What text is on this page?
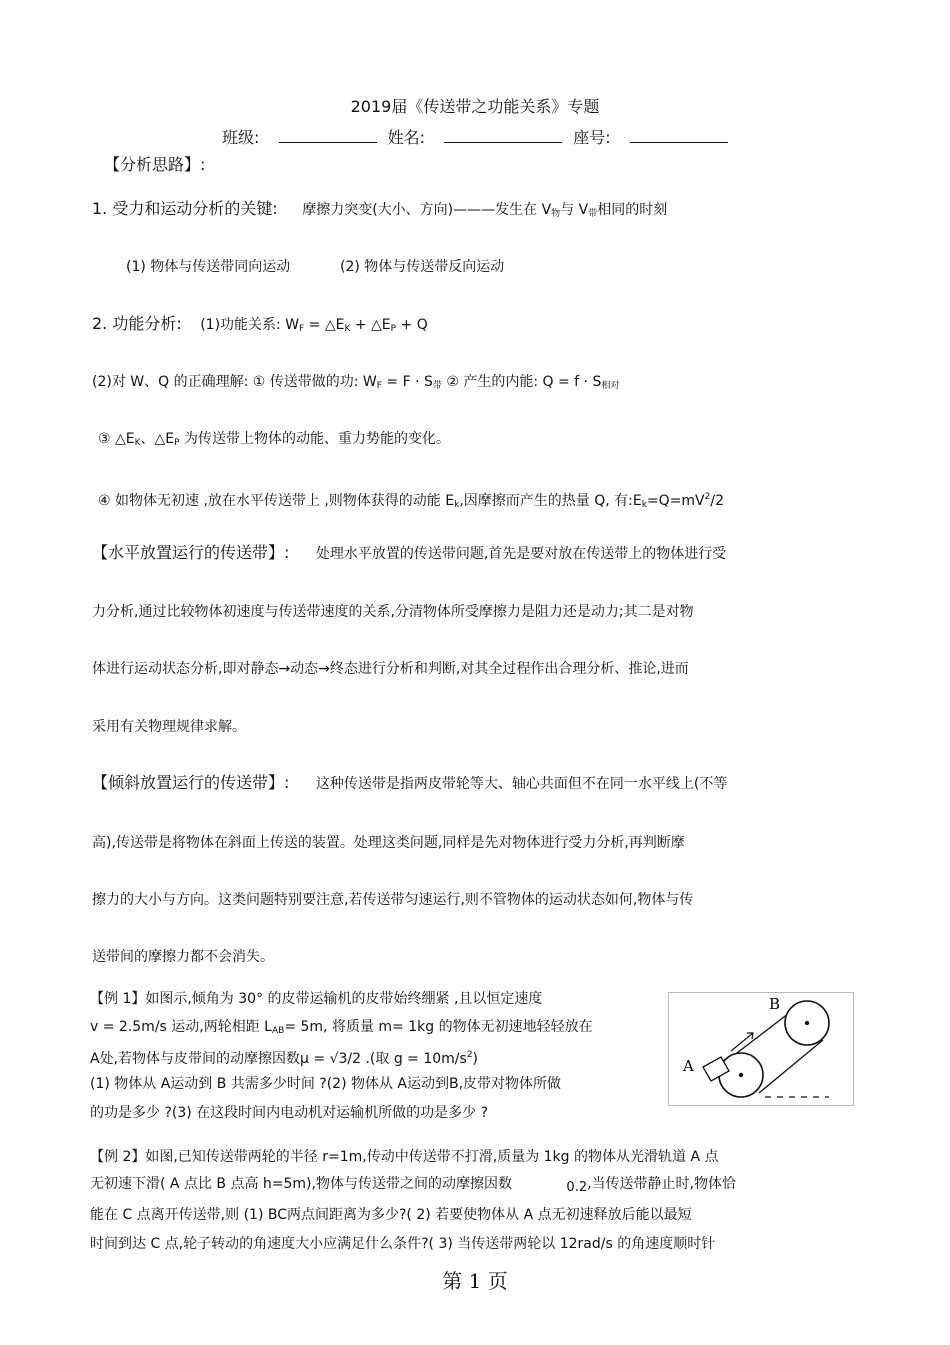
2019届《传送带之功能关系》专题
班级:	姓名:	座号:
【分析思路】:
1. 受力和运动分析的关键: 摩擦力突变(大小、方向)———发生在 $V_物$与 $V_带$相同的时刻
(1) 物体与传送带同向运动	(2) 物体与传送带反向运动
2. 功能分析: (1)功能关系: $W_F$ = $\triangle E_K$ + $\triangle E_P + Q$
(2)对 W、Q 的正确理解: ① 传送带做的功: $W_F = F \cdot S_带$ ② 产生的内能: $Q = f \cdot S_{相对}$
③ $\triangle E_K$、$\triangle E_P$ 为传送带上物体的动能、重力势能的变化。
④ 如物体无初速 ,放在水平传送带上 ,则物体获得的动能 $E_k$,因摩擦而产生的热量 Q, 有$:E_k=Q=mV^2/2$
【水平放置运行的传送带】: 处理水平放置的传送带问题,首先是要对放在传送带上的物体进行受
力分析,通过比较物体初速度与传送带速度的关系,分清物体所受摩擦力是阻力还是动力;其二是对物
体进行运动状态分析,即对静态→动态→终态进行分析和判断,对其全过程作出合理分析、推论,进而
采用有关物理规律求解。
【倾斜放置运行的传送带】: 这种传送带是指两皮带轮等大、轴心共面但不在同一水平线上(不等
高),传送带是将物体在斜面上传送的装置。处理这类问题,同样是先对物体进行受力分析,再判断摩
擦力的大小与方向。这类问题特别要注意,若传送带匀速运行,则不管物体的运动状态如何,物体与传
送带间的摩擦力都不会消失。
【例 1】如图示,倾角为 30° 的皮带运输机的皮带始终绷紧 ,且以恒定速度
v = 2.5m/s 运动,两轮相距 $L_{AB}= 5m$, 将质量 m= 1kg 的物体无初速地轻轻放在
A处,若物体与皮带间的动摩擦因数μ = √3/2 .(取 $g = 10m/s^2$)
(1) 物体从 A运动到 B 共需多少时间 ?(2) 物体从 A运动到B,皮带对物体所做
的功是多少 ?(3) 在这段时间内电动机对运输机所做的功是多少 ?
A
B
【例 2】如图,已知传送带两轮的半径 r=1m,传动中传送带不打滑,质量为 1kg 的物体从光滑轨道 A 点
无初速下滑( A 点比 B 点高 h=5m),物体与传送带之间的动摩擦因数	0.2,当传送带静止时,物体恰
能在 C 点离开传送带,则 (1) BC两点间距离为多少?( 2) 若要使物体从 A 点无初速释放后能以最短
时间到达 C 点,轮子转动的角速度大小应满足什么条件?( 3) 当传送带两轮以 12rad/s 的角速度顺时针
第 1 页
